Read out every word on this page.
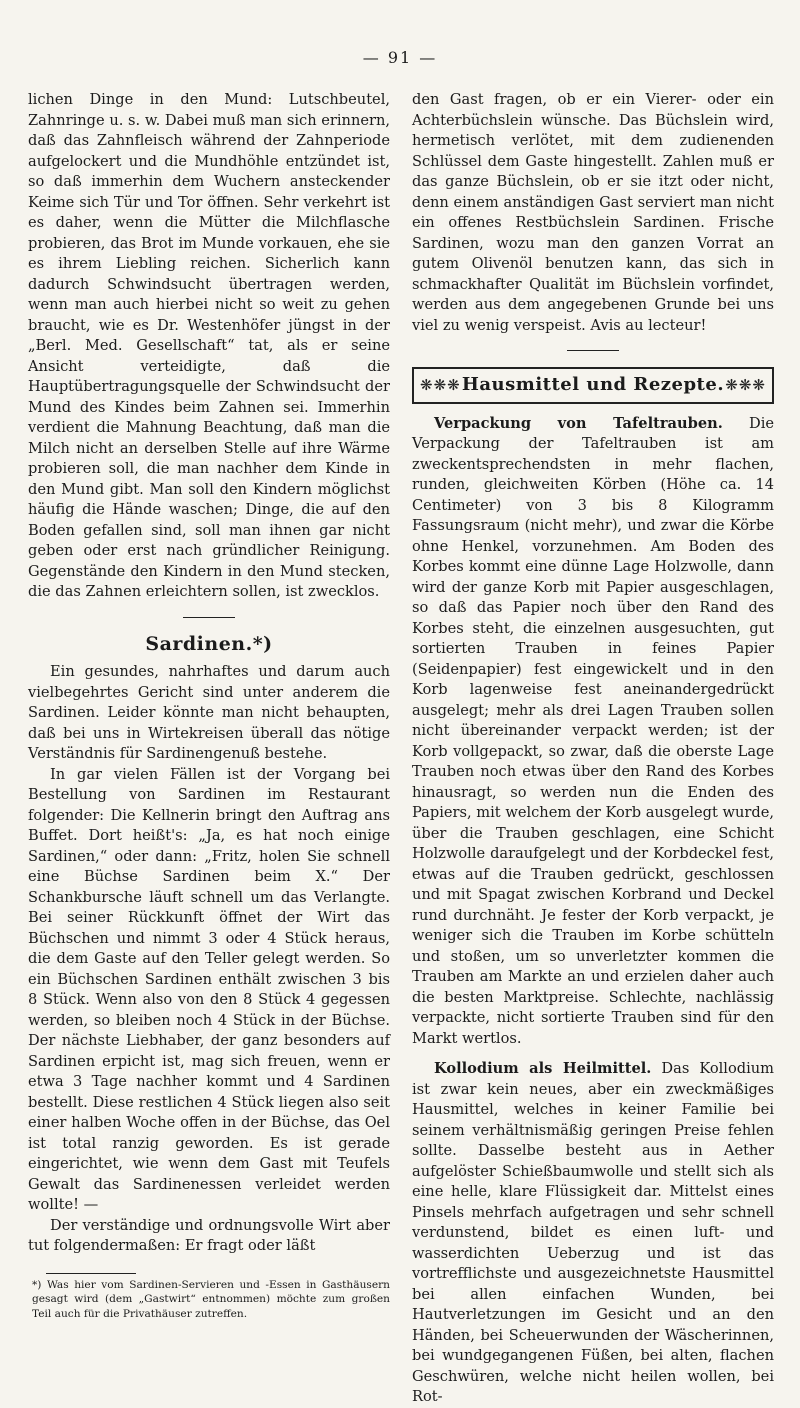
— 91 —

lichen Dinge in den Mund: Lutschbeutel, Zahnringe u. s. w. Dabei muß man sich erinnern, daß das Zahnfleisch während der Zahnperiode aufgelockert und die Mundhöhle entzündet ist, so daß immerhin dem Wuchern ansteckender Keime sich Tür und Tor öffnen. Sehr verkehrt ist es daher, wenn die Mütter die Milchflasche probieren, das Brot im Munde vorkauen, ehe sie es ihrem Liebling reichen. Sicherlich kann dadurch Schwindsucht übertragen werden, wenn man auch hierbei nicht so weit zu gehen braucht, wie es Dr. Westenhöfer jüngst in der „Berl. Med. Gesellschaft“ tat, als er seine Ansicht verteidigte, daß die Hauptübertragungsquelle der Schwindsucht der Mund des Kindes beim Zahnen sei. Immerhin verdient die Mahnung Beachtung, daß man die Milch nicht an derselben Stelle auf ihre Wärme probieren soll, die man nachher dem Kinde in den Mund gibt. Man soll den Kindern möglichst häufig die Hände waschen; Dinge, die auf den Boden gefallen sind, soll man ihnen gar nicht geben oder erst nach gründlicher Reinigung. Gegenstände den Kindern in den Mund stecken, die das Zahnen erleichtern sollen, ist zwecklos.

Sardinen.*)

Ein gesundes, nahrhaftes und darum auch vielbegehrtes Gericht sind unter anderem die Sardinen. Leider könnte man nicht behaupten, daß bei uns in Wirtekreisen überall das nötige Verständnis für Sardinengenuß bestehe.

In gar vielen Fällen ist der Vorgang bei Bestellung von Sardinen im Restaurant folgender: Die Kellnerin bringt den Auftrag ans Buffet. Dort heißt's: „Ja, es hat noch einige Sardinen,“ oder dann: „Fritz, holen Sie schnell eine Büchse Sardinen beim X.“ Der Schankbursche läuft schnell um das Verlangte. Bei seiner Rückkunft öffnet der Wirt das Büchschen und nimmt 3 oder 4 Stück heraus, die dem Gaste auf den Teller gelegt werden. So ein Büchschen Sardinen enthält zwischen 3 bis 8 Stück. Wenn also von den 8 Stück 4 gegessen werden, so bleiben noch 4 Stück in der Büchse. Der nächste Liebhaber, der ganz besonders auf Sardinen erpicht ist, mag sich freuen, wenn er etwa 3 Tage nachher kommt und 4 Sardinen bestellt. Diese restlichen 4 Stück liegen also seit einer halben Woche offen in der Büchse, das Oel ist total ranzig geworden. Es ist gerade eingerichtet, wie wenn dem Gast mit Teufels Gewalt das Sardinenessen verleidet werden wollte! —

Der verständige und ordnungsvolle Wirt aber tut folgendermaßen: Er fragt oder läßt

*) Was hier vom Sardinen-Servieren und -Essen in Gasthäusern gesagt wird (dem „Gastwirt“ entnommen) möchte zum großen Teil auch für die Privathäuser zutreffen.

den Gast fragen, ob er ein Vierer- oder ein Achterbüchslein wünsche. Das Büchslein wird, hermetisch verlötet, mit dem zudienenden Schlüssel dem Gaste hingestellt. Zahlen muß er das ganze Büchslein, ob er sie itzt oder nicht, denn einem anständigen Gast serviert man nicht ein offenes Restbüchslein Sardinen. Frische Sardinen, wozu man den ganzen Vorrat an gutem Olivenöl benutzen kann, das sich in schmackhafter Qualität im Büchslein vorfindet, werden aus dem angegebenen Grunde bei uns viel zu wenig verspeist. Avis au lecteur!

❋❋❋ Hausmittel und Rezepte. ❋❋❋

Verpackung von Tafeltrauben. Die Verpackung der Tafeltrauben ist am zweckentsprechendsten in mehr flachen, runden, gleichweiten Körben (Höhe ca. 14 Centimeter) von 3 bis 8 Kilogramm Fassungsraum (nicht mehr), und zwar die Körbe ohne Henkel, vorzunehmen. Am Boden des Korbes kommt eine dünne Lage Holzwolle, dann wird der ganze Korb mit Papier ausgeschlagen, so daß das Papier noch über den Rand des Korbes steht, die einzelnen ausgesuchten, gut sortierten Trauben in feines Papier (Seidenpapier) fest eingewickelt und in den Korb lagenweise fest aneinandergedrückt ausgelegt; mehr als drei Lagen Trauben sollen nicht übereinander verpackt werden; ist der Korb vollgepackt, so zwar, daß die oberste Lage Trauben noch etwas über den Rand des Korbes hinausragt, so werden nun die Enden des Papiers, mit welchem der Korb ausgelegt wurde, über die Trauben geschlagen, eine Schicht Holzwolle daraufgelegt und der Korbdeckel fest, etwas auf die Trauben gedrückt, geschlossen und mit Spagat zwischen Korbrand und Deckel rund durchnäht. Je fester der Korb verpackt, je weniger sich die Trauben im Korbe schütteln und stoßen, um so unverletzter kommen die Trauben am Markte an und erzielen daher auch die besten Marktpreise. Schlechte, nachlässig verpackte, nicht sortierte Trauben sind für den Markt wertlos.

Kollodium als Heilmittel. Das Kollodium ist zwar kein neues, aber ein zweckmäßiges Hausmittel, welches in keiner Familie bei seinem verhältnismäßig geringen Preise fehlen sollte. Dasselbe besteht aus in Aether aufgelöster Schießbaumwolle und stellt sich als eine helle, klare Flüssigkeit dar. Mittelst eines Pinsels mehrfach aufgetragen und sehr schnell verdunstend, bildet es einen luft- und wasserdichten Ueberzug und ist das vortrefflichste und ausgezeichnetste Hausmittel bei allen einfachen Wunden, bei Hautverletzungen im Gesicht und an den Händen, bei Scheuerwunden der Wäscherinnen, bei wundgegangenen Füßen, bei alten, flachen Geschwüren, welche nicht heilen wollen, bei Rot-
